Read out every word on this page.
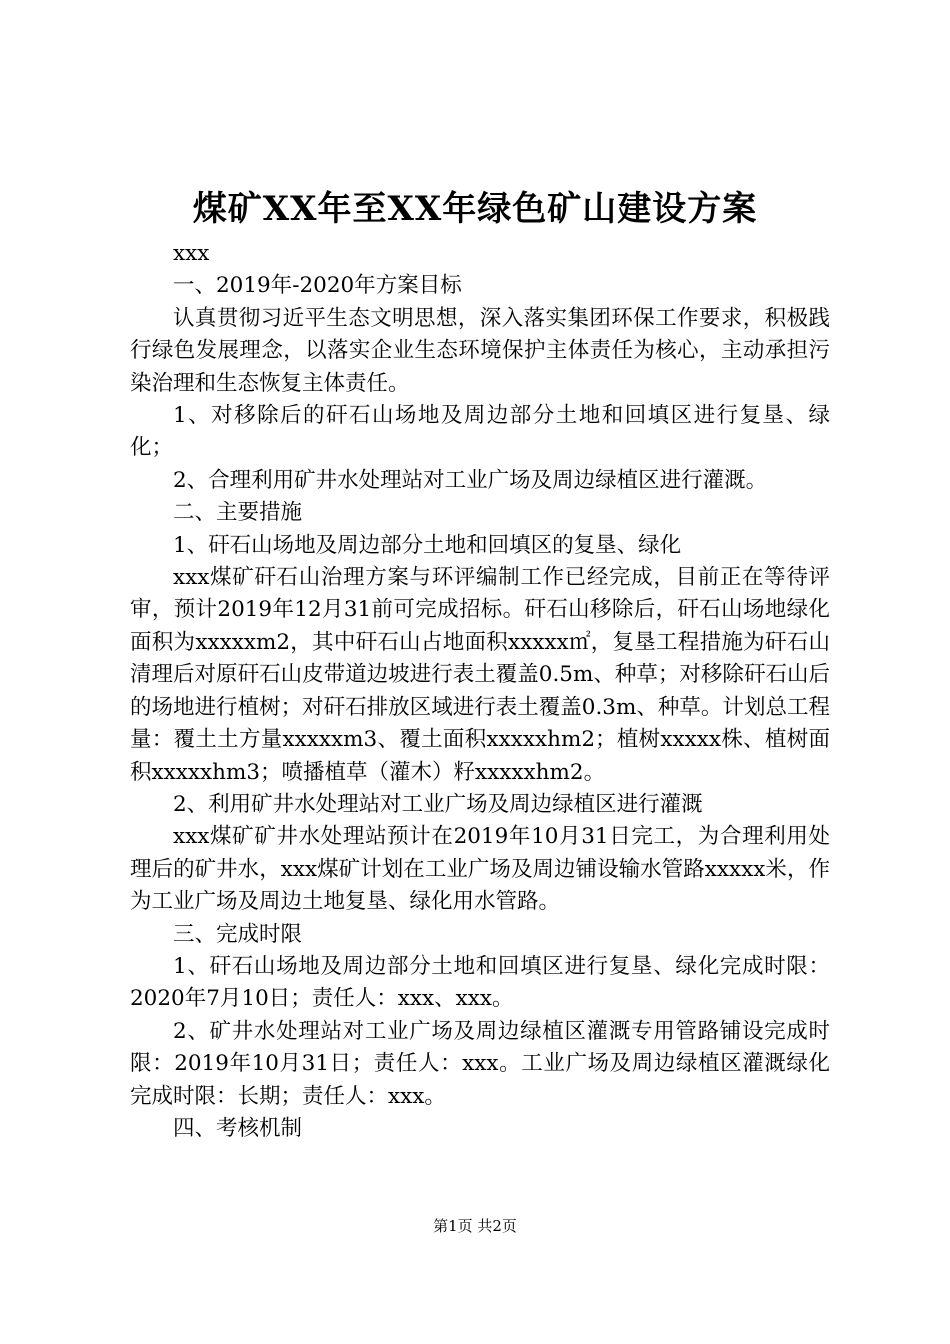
煤矿XX年至XX年绿色矿山建设方案

xxx

一、2019年-2020年方案目标

认真贯彻习近平生态文明思想，深入落实集团环保工作要求，积极践行绿色发展理念，以落实企业生态环境保护主体责任为核心，主动承担污染治理和生态恢复主体责任。

1、对移除后的矸石山场地及周边部分土地和回填区进行复垦、绿化；

2、合理利用矿井水处理站对工业广场及周边绿植区进行灌溉。

二、主要措施

1、矸石山场地及周边部分土地和回填区的复垦、绿化

xxx煤矿矸石山治理方案与环评编制工作已经完成，目前正在等待评审，预计2019年12月31前可完成招标。矸石山移除后，矸石山场地绿化面积为xxxxxm2，其中矸石山占地面积xxxxx㎡，复垦工程措施为矸石山清理后对原矸石山皮带道边坡进行表土覆盖0.5m、种草；对移除矸石山后的场地进行植树；对矸石排放区域进行表土覆盖0.3m、种草。计划总工程量：覆土土方量xxxxxm3、覆土面积xxxxxhm2；植树xxxxx株、植树面积xxxxxhm3；喷播植草（灌木）籽xxxxxhm2。

2、利用矿井水处理站对工业广场及周边绿植区进行灌溉

xxx煤矿矿井水处理站预计在2019年10月31日完工，为合理利用处理后的矿井水，xxx煤矿计划在工业广场及周边铺设输水管路xxxxx米，作为工业广场及周边土地复垦、绿化用水管路。

三、完成时限

1、矸石山场地及周边部分土地和回填区进行复垦、绿化完成时限：2020年7月10日；责任人：xxx、xxx。

2、矿井水处理站对工业广场及周边绿植区灌溉专用管路铺设完成时限：2019年10月31日；责任人：xxx。工业广场及周边绿植区灌溉绿化完成时限：长期；责任人：xxx。

四、考核机制

第1页 共2页
